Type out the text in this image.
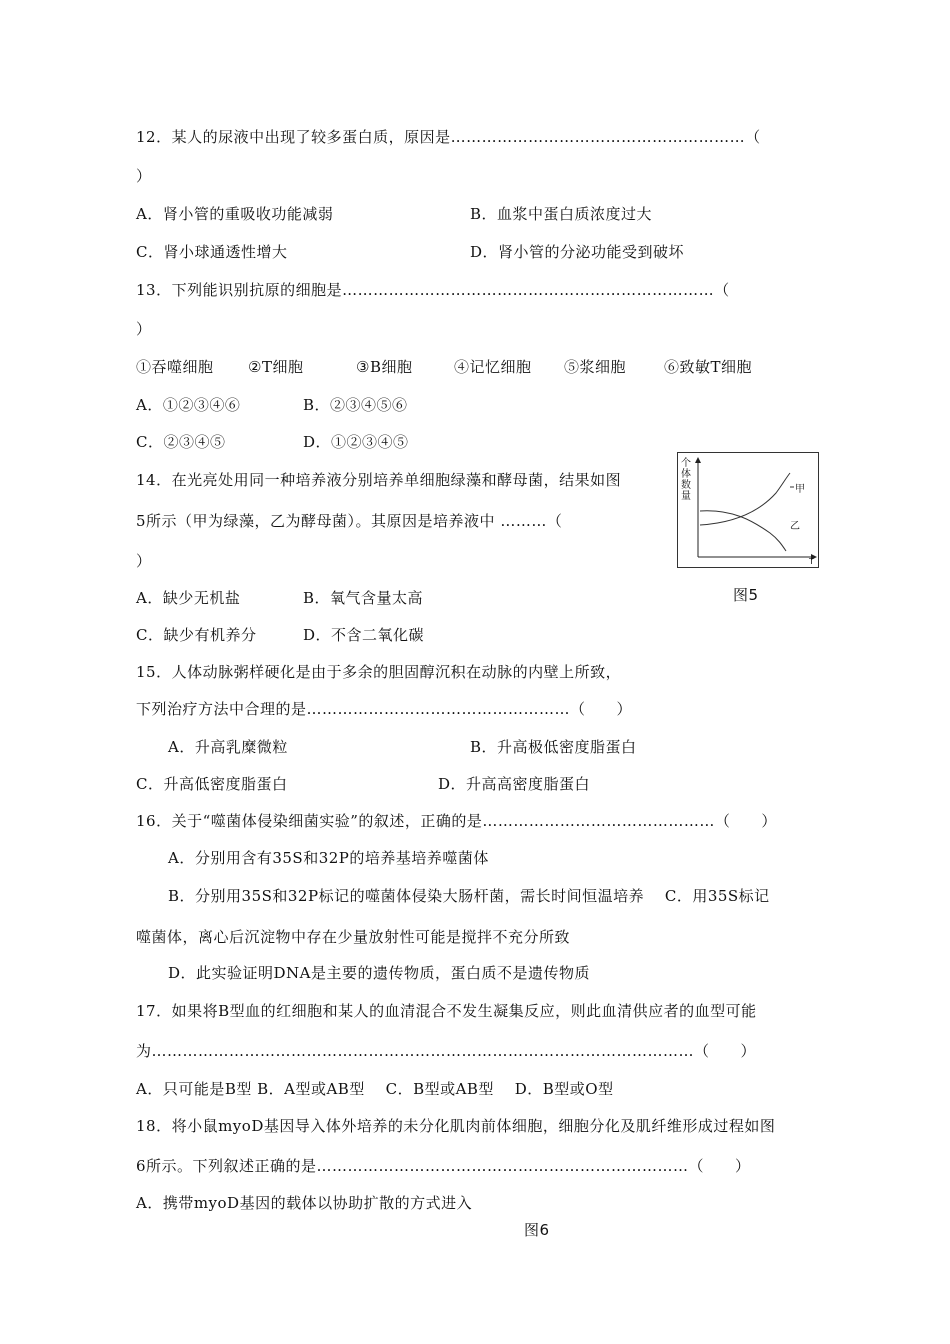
12．某人的尿液中出现了较多蛋白质，原因是…………………………………………………（
）
A．肾小管的重吸收功能减弱	B．血浆中蛋白质浓度过大
C．肾小球通透性增大	D．肾小管的分泌功能受到破坏
13．下列能识别抗原的细胞是………………………………………………………………（
）
①吞噬细胞 ②T细胞	③B细胞	④记忆细胞 ⑤浆细胞	⑥致敏T细胞
A．①②③④⑥	B．②③④⑤⑥
C．②③④⑤	D．①②③④⑤
14．在光亮处用同一种培养液分别培养单细胞绿藻和酵母菌，结果如图
5所示（甲为绿藻，乙为酵母菌）。其原因是培养液中 ………（
）
A．缺少无机盐	B．氧气含量太高
C．缺少有机养分	D．不含二氧化碳
个体数量
甲
乙
T
图5
15．人体动脉粥样硬化是由于多余的胆固醇沉积在动脉的内壁上所致，
下列治疗方法中合理的是……………………………………………（　　）
A．升高乳糜微粒	B．升高极低密度脂蛋白
C．升高低密度脂蛋白	D．升高高密度脂蛋白
16．关于“噬菌体侵染细菌实验”的叙述，正确的是………………………………………（　　）
A．分别用含有35S和32P的培养基培养噬菌体
B．分别用35S和32P标记的噬菌体侵染大肠杆菌，需长时间恒温培养　 C．用35S标记
噬菌体，离心后沉淀物中存在少量放射性可能是搅拌不充分所致
D．此实验证明DNA是主要的遗传物质，蛋白质不是遗传物质
17．如果将B型血的红细胞和某人的血清混合不发生凝集反应，则此血清供应者的血型可能
为……………………………………………………………………………………………（　　）
A．只可能是B型 B．A型或AB型　 C．B型或AB型　 D．B型或O型
18．将小鼠myoD基因导入体外培养的未分化肌肉前体细胞，细胞分化及肌纤维形成过程如图
6所示。下列叙述正确的是………………………………………………………………（　　）
A．携带myoD基因的载体以协助扩散的方式进入
图6
